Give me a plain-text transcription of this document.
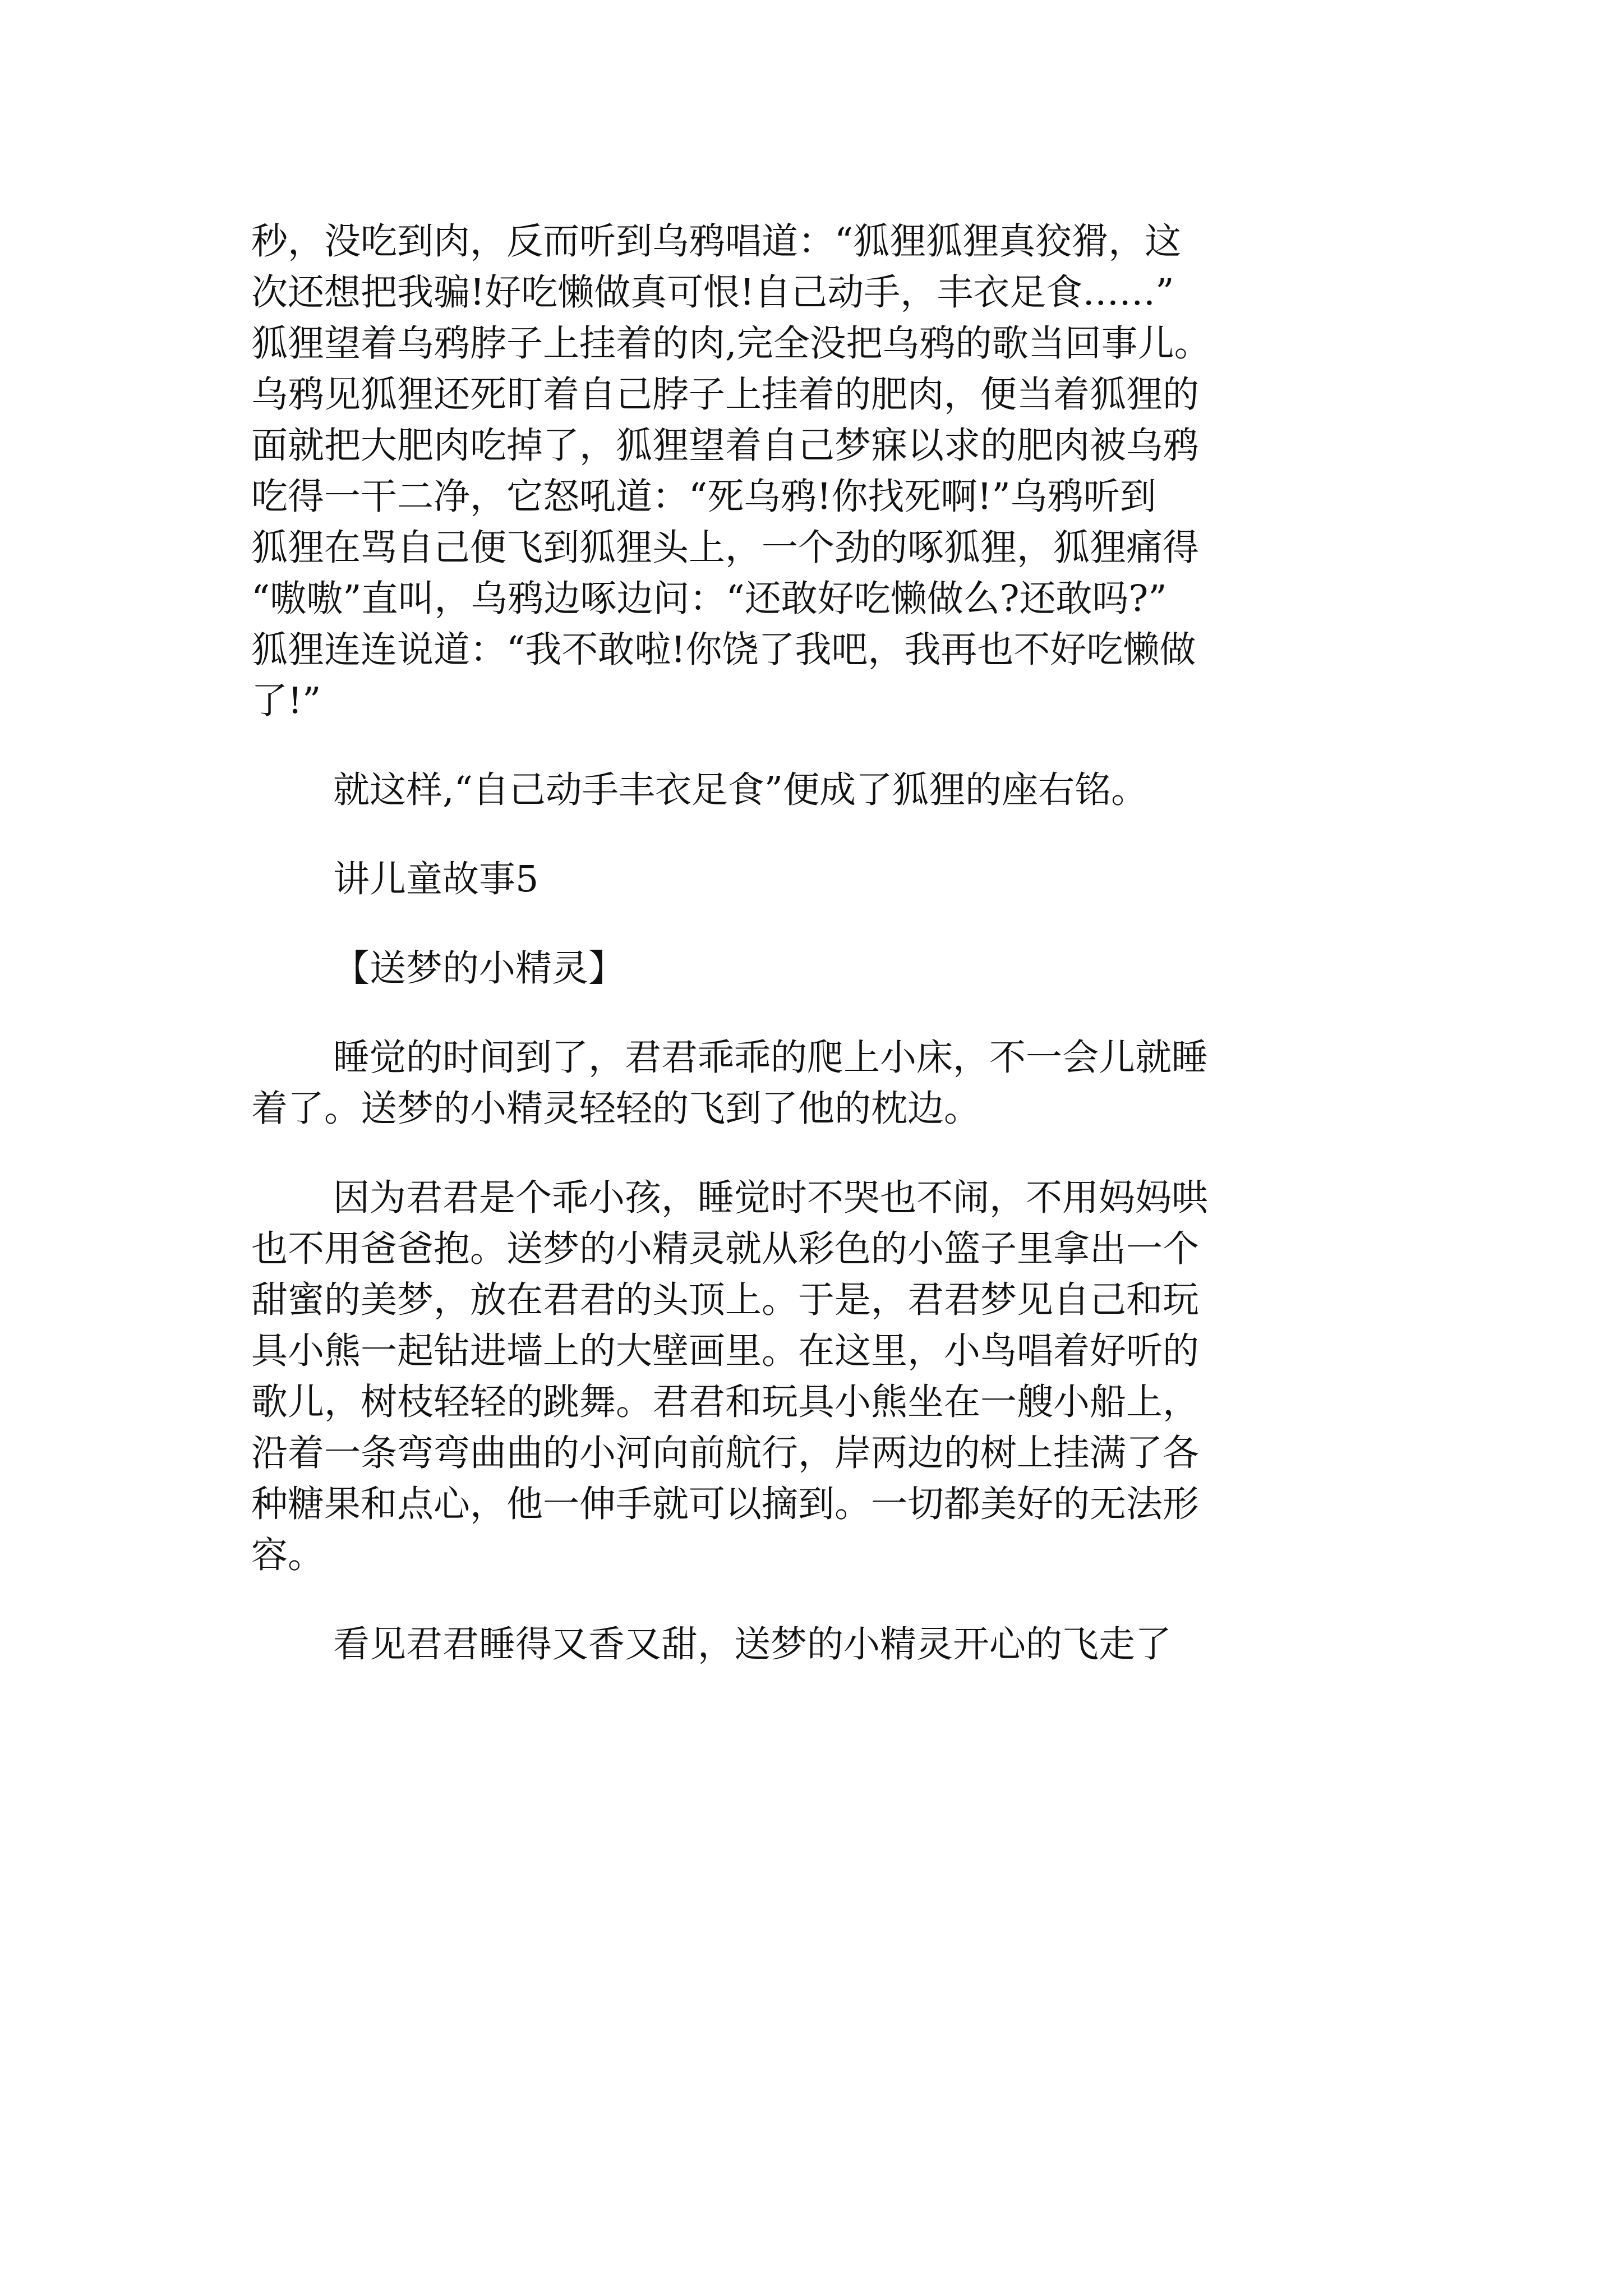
秒，没吃到肉，反而听到乌鸦唱道：“狐狸狐狸真狡猾，这
次还想把我骗!好吃懒做真可恨!自己动手，丰衣足食……”
狐狸望着乌鸦脖子上挂着的肉,完全没把乌鸦的歌当回事儿。
乌鸦见狐狸还死盯着自己脖子上挂着的肥肉，便当着狐狸的
面就把大肥肉吃掉了，狐狸望着自己梦寐以求的肥肉被乌鸦
吃得一干二净，它怒吼道：“死乌鸦!你找死啊!”乌鸦听到
狐狸在骂自己便飞到狐狸头上，一个劲的啄狐狸，狐狸痛得
“嗷嗷”直叫，乌鸦边啄边问：“还敢好吃懒做么?还敢吗?”
狐狸连连说道：“我不敢啦!你饶了我吧，我再也不好吃懒做
了!”
就这样,“自己动手丰衣足食”便成了狐狸的座右铭。
讲儿童故事5
【送梦的小精灵】
睡觉的时间到了，君君乖乖的爬上小床，不一会儿就睡
着了。送梦的小精灵轻轻的飞到了他的枕边。
因为君君是个乖小孩，睡觉时不哭也不闹，不用妈妈哄
也不用爸爸抱。送梦的小精灵就从彩色的小篮子里拿出一个
甜蜜的美梦，放在君君的头顶上。于是，君君梦见自己和玩
具小熊一起钻进墙上的大壁画里。在这里，小鸟唱着好听的
歌儿，树枝轻轻的跳舞。君君和玩具小熊坐在一艘小船上，
沿着一条弯弯曲曲的小河向前航行，岸两边的树上挂满了各
种糖果和点心，他一伸手就可以摘到。一切都美好的无法形
容。
看见君君睡得又香又甜，送梦的小精灵开心的飞走了
